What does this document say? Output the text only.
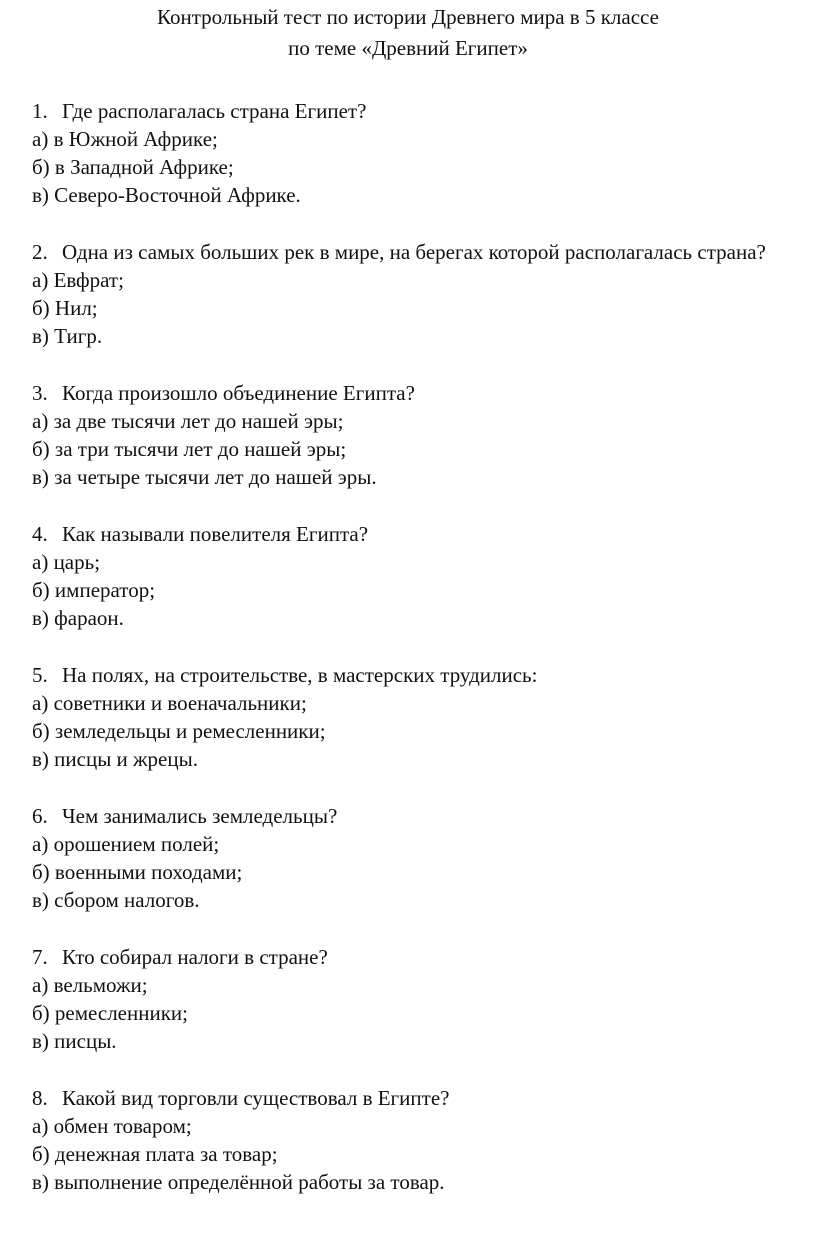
Контрольный тест по истории Древнего мира в 5 классе
по теме «Древний Египет»
1. Где располагалась страна Египет?
а) в Южной Африке;
б) в Западной Африке;
в) Северо-Восточной Африке.
2. Одна из самых больших рек в мире, на берегах которой располагалась страна?
а) Евфрат;
б) Нил;
в) Тигр.
3. Когда произошло объединение Египта?
а) за две тысячи лет до нашей эры;
б) за три тысячи лет до нашей эры;
в) за четыре тысячи лет до нашей эры.
4. Как называли повелителя Египта?
а) царь;
б) император;
в) фараон.
5. На полях, на строительстве, в мастерских трудились:
а) советники и военачальники;
б) земледельцы и ремесленники;
в) писцы и жрецы.
6. Чем занимались земледельцы?
а) орошением полей;
б) военными походами;
в) сбором налогов.
7. Кто собирал налоги в стране?
а) вельможи;
б) ремесленники;
в) писцы.
8. Какой вид торговли существовал в Египте?
а) обмен товаром;
б) денежная плата за товар;
в) выполнение определённой работы за товар.
